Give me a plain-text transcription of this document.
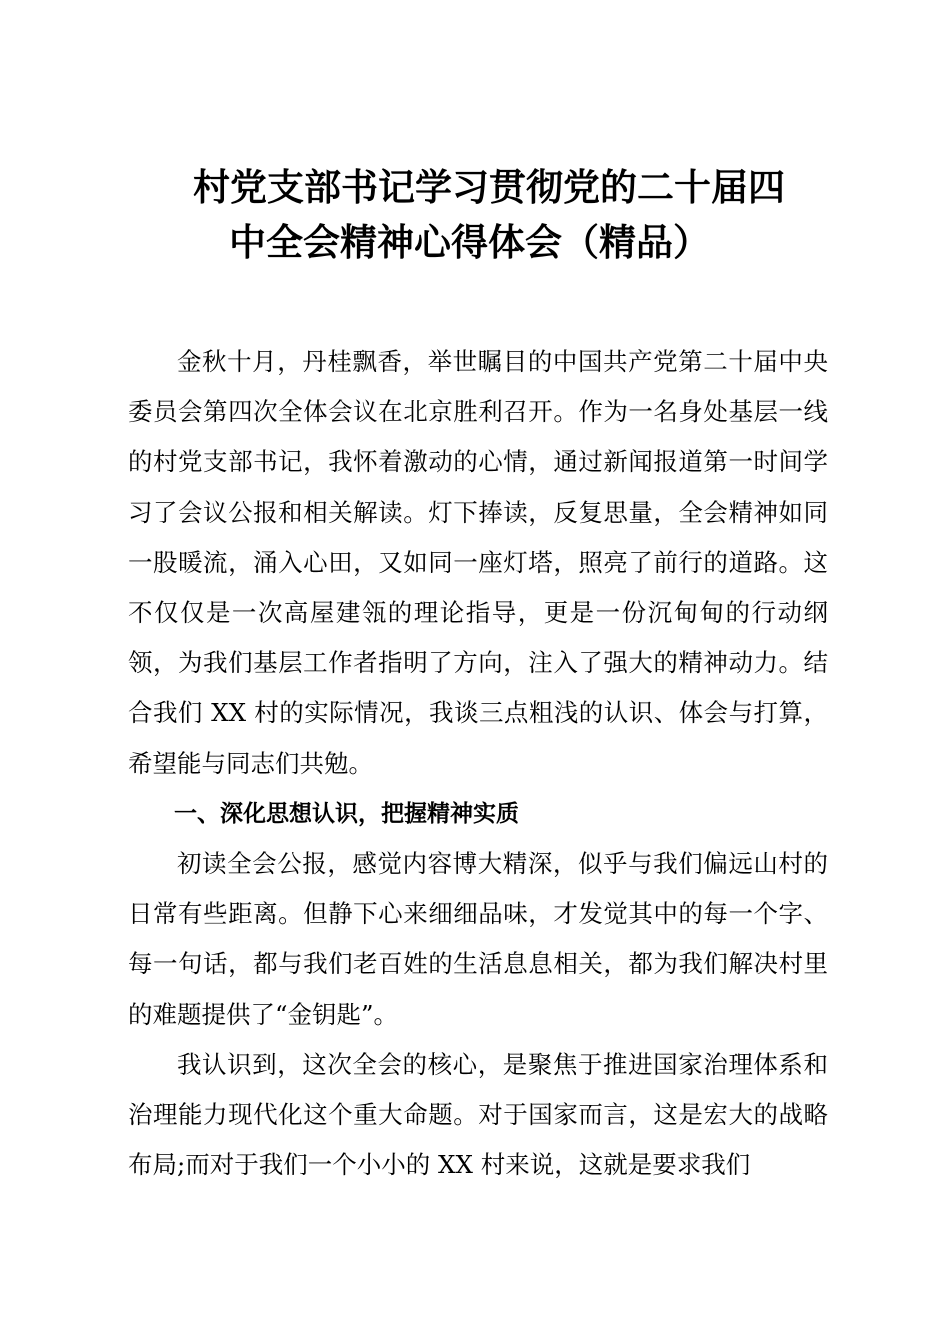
村党支部书记学习贯彻党的二十届四
中全会精神心得体会（精品）

金秋十月，丹桂飘香，举世瞩目的中国共产党第二十届中央委员会第四次全体会议在北京胜利召开。作为一名身处基层一线的村党支部书记，我怀着激动的心情，通过新闻报道第一时间学习了会议公报和相关解读。灯下捧读，反复思量，全会精神如同一股暖流，涌入心田，又如同一座灯塔，照亮了前行的道路。这不仅仅是一次高屋建瓴的理论指导，更是一份沉甸甸的行动纲领，为我们基层工作者指明了方向，注入了强大的精神动力。结合我们 XX 村的实际情况，我谈三点粗浅的认识、体会与打算，希望能与同志们共勉。

一、深化思想认识，把握精神实质

初读全会公报，感觉内容博大精深，似乎与我们偏远山村的日常有些距离。但静下心来细细品味，才发觉其中的每一个字、每一句话，都与我们老百姓的生活息息相关，都为我们解决村里的难题提供了“金钥匙”。

我认识到，这次全会的核心，是聚焦于推进国家治理体系和治理能力现代化这个重大命题。对于国家而言，这是宏大的战略布局;而对于我们一个小小的 XX 村来说，这就是要求我们
